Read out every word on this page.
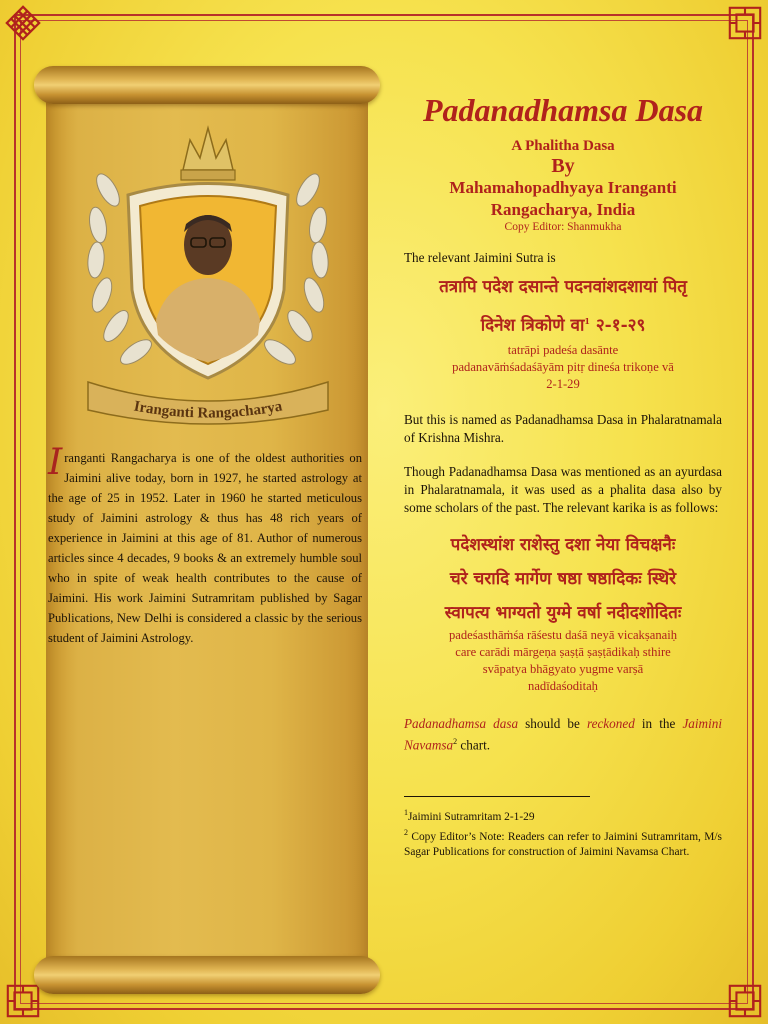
Iranganti Rangacharya
Iranganti Rangacharya is one of the oldest authorities on Jaimini alive today, born in 1927, he started astrology at the age of 25 in 1952. Later in 1960 he started meticulous study of Jaimini astrology & thus has 48 rich years of experience in Jaimini at this age of 81. Author of numerous articles since 4 decades, 9 books & an extremely humble soul who in spite of weak health contributes to the cause of Jaimini. His work Jaimini Sutramritam published by Sagar Publications, New Delhi is considered a classic by the serious student of Jaimini Astrology.
Padanadhamsa Dasa
A Phalitha Dasa
By
Mahamahopadhyaya Iranganti Rangacharya, India
Copy Editor: Shanmukha

The relevant Jaimini Sutra is

तत्रापि पदेश दसान्ते पदनवांशदशायां पितृ

दिनेश त्रिकोणे वा$^1$ २-१-२९

tatrāpi padeśa dasānte

padanavāṁśadaśāyām pitṛ dineśa trikoṇe vā

2-1-29

But this is named as Padanadhamsa Dasa in Phalaratnamala of Krishna Mishra.

Though Padanadhamsa Dasa was mentioned as an ayurdasa in Phalaratnamala, it was used as a phalita dasa also by some scholars of the past. The relevant karika is as follows:

पदेशस्थांश राशेस्तु दशा नेया विचक्षनैः

चरे चरादि मार्गेण षष्ठा षष्ठादिकः स्थिरे

स्वापत्य भाग्यतो युग्मे वर्षा नदीदशोदितः

padeśasthāṁśa rāśestu daśā neyā vicakṣanaiḥ

care carādi mārgeṇa ṣaṣṭā ṣaṣṭādikaḥ sthire

svāpatya bhāgyato yugme varṣā

nadīdaśoditaḥ

Padanadhamsa dasa should be reckoned in the Jaimini Navamsa$^2$ chart.

$^1$Jaimini Sutramritam 2-1-29

$^2$ Copy Editor’s Note: Readers can refer to Jaimini Sutramritam, M/s Sagar Publications for construction of Jaimini Navamsa Chart.
